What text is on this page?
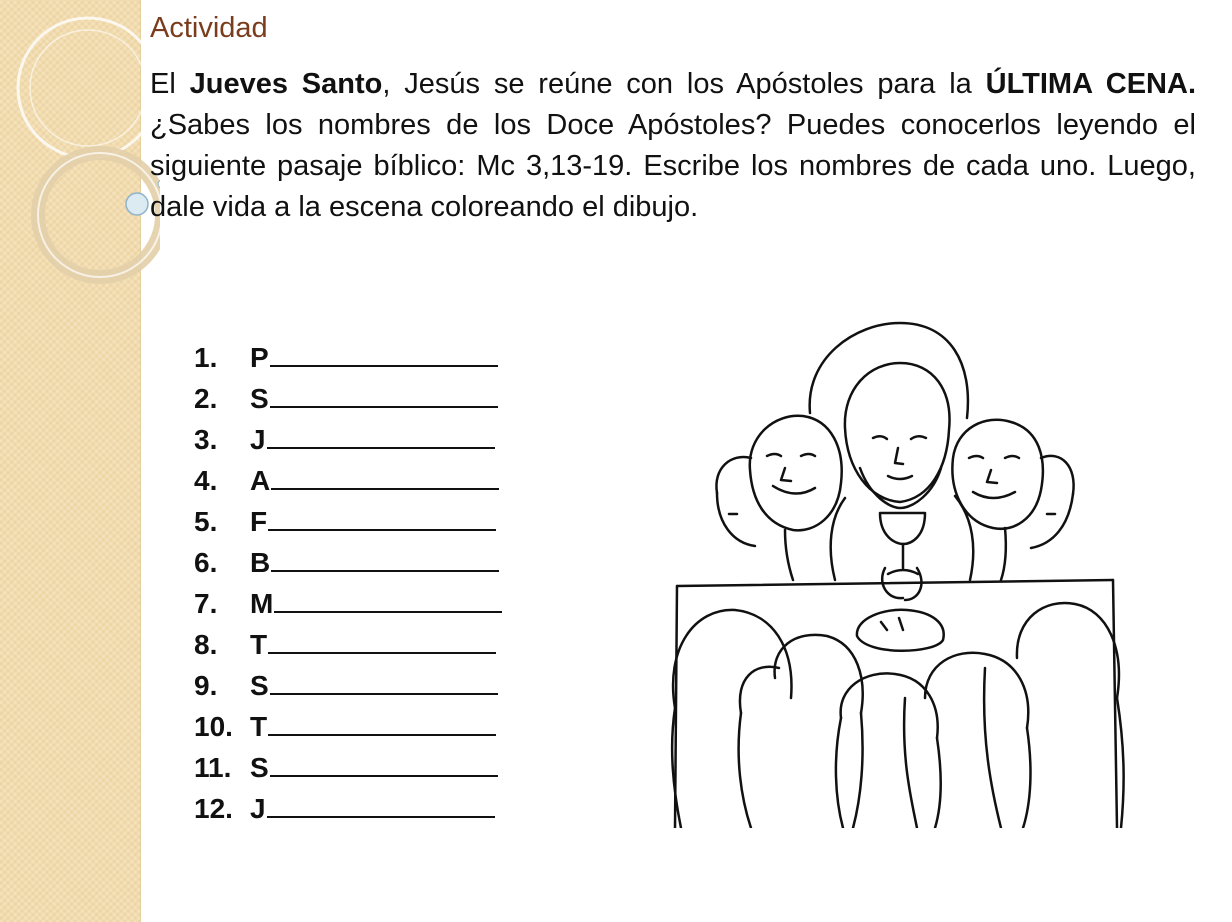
Actividad

El Jueves Santo, Jesús se reúne con los Apóstoles para la ÚLTIMA CENA. ¿Sabes los nombres de los Doce Apóstoles? Puedes conocerlos leyendo el siguiente pasaje bíblico: Mc 3,13-19. Escribe los nombres de cada uno. Luego, dale vida a la escena coloreando el dibujo.

1. P
2. S
3. J
4. A
5. F
6. B
7. M
8. T
9. S
10. T
11. S
12. J
